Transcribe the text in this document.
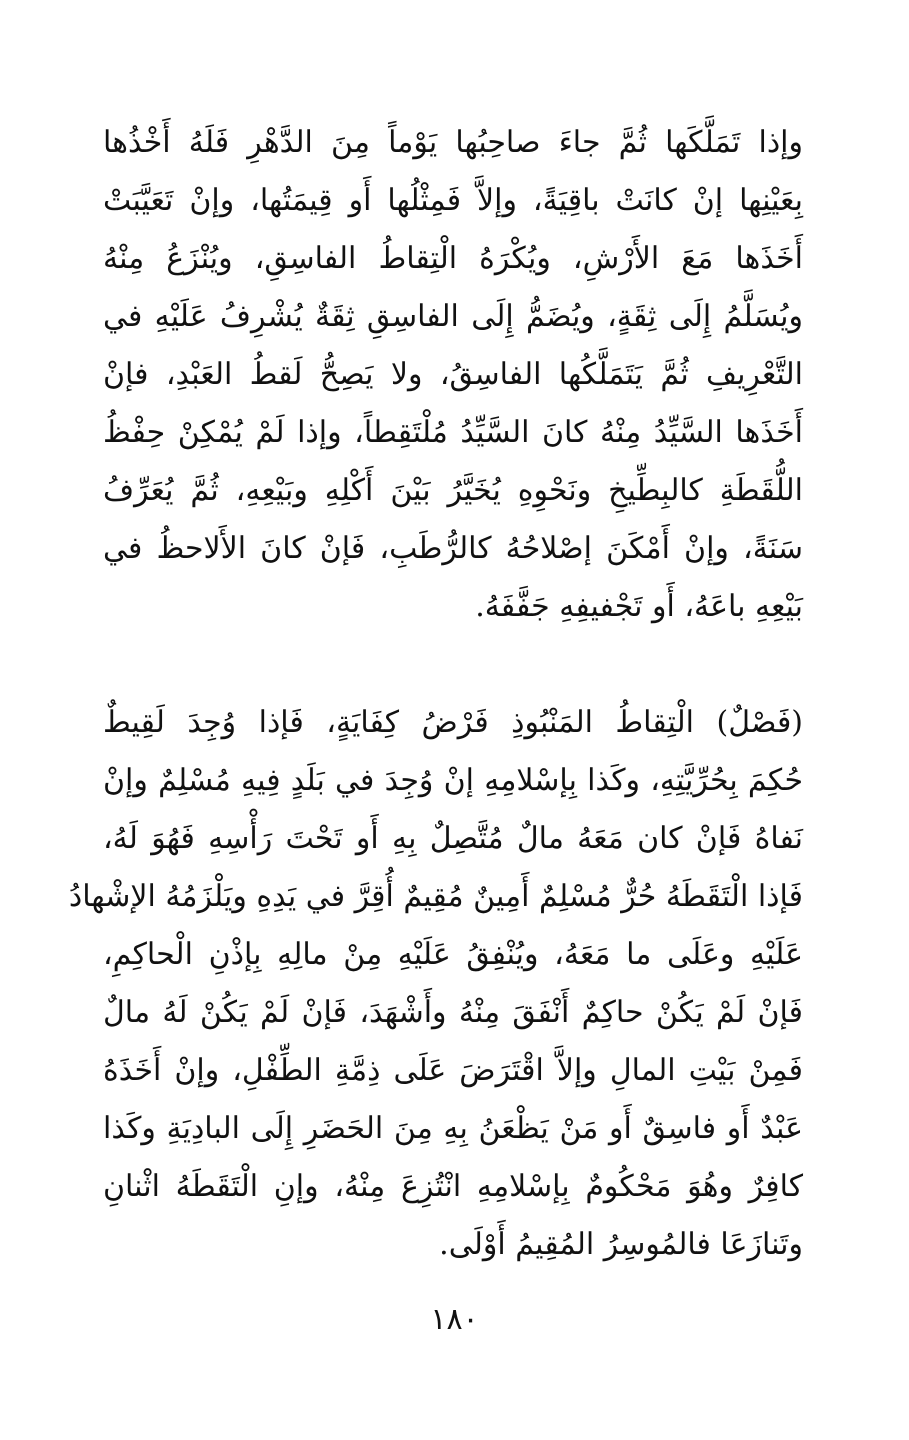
وإذا تَمَلَّكَها ثُمَّ جاءَ صاحِبُها يَوْماً مِنَ الدَّهْرِ فَلَهُ أَخْذُها
بِعَيْنِها إنْ كانَتْ باقِيَةً، وإلاَّ فَمِثْلُها أَو قِيمَتُها، وإنْ تَعَيَّبَتْ
أَخَذَها مَعَ الأَرْشِ، ويُكْرَهُ الْتِقاطُ الفاسِقِ، ويُنْزَعُ مِنْهُ
ويُسَلَّمُ إِلَى ثِقَةٍ، ويُضَمُّ إِلَى الفاسِقِ ثِقَةٌ يُشْرِفُ عَلَيْهِ في
التَّعْرِيفِ ثُمَّ يَتَمَلَّكُها الفاسِقُ، ولا يَصِحُّ لَقطُ العَبْدِ، فإنْ
أَخَذَها السَّيِّدُ مِنْهُ كانَ السَّيِّدُ مُلْتَقِطاً، وإذا لَمْ يُمْكِنْ حِفْظُ
اللُّقَطَةِ كالبِطِّيخِ ونَحْوِهِ يُخَيَّرُ بَيْنَ أَكْلِهِ وبَيْعِهِ، ثُمَّ يُعَرِّفُ
سَنَةً، وإنْ أَمْكَنَ إصْلاحُهُ كالرُّطَبِ، فَإنْ كانَ الأَلاحظُ في
بَيْعِهِ باعَهُ، أَو تَجْفيفِهِ جَفَّفَهُ.
(فَصْلٌ) الْتِقاطُ المَنْبُوذِ فَرْضُ كِفَايَةٍ، فَإذا وُجِدَ لَقِيطٌ
حُكِمَ بِحُرِّيَّتِهِ، وكَذا بِإسْلامِهِ إنْ وُجِدَ في بَلَدٍ فِيهِ مُسْلِمٌ وإنْ
نَفاهُ فَإنْ كان مَعَهُ مالٌ مُتَّصِلٌ بِهِ أَو تَحْتَ رَأْسِهِ فَهُوَ لَهُ،
فَإذا الْتَقَطَهُ حُرٌّ مُسْلِمٌ أَمِينٌ مُقِيمٌ أُقِرَّ في يَدِهِ ويَلْزَمُهُ الإشْهادُ
عَلَيْهِ وعَلَى ما مَعَهُ، ويُنْفِقُ عَلَيْهِ مِنْ مالِهِ بِإذْنِ الْحاكِمِ،
فَإنْ لَمْ يَكُنْ حاكِمٌ أَنْفَقَ مِنْهُ وأَشْهَدَ، فَإنْ لَمْ يَكُنْ لَهُ مالٌ
فَمِنْ بَيْتِ المالِ وإلاَّ اقْتَرَضَ عَلَى ذِمَّةِ الطِّفْلِ، وإنْ أَخَذَهُ
عَبْدٌ أَو فاسِقٌ أَو مَنْ يَظْعَنُ بِهِ مِنَ الحَضَرِ إِلَى البادِيَةِ وكَذا
كافِرٌ وهُوَ مَحْكُومٌ بِإسْلامِهِ انْتُزِعَ مِنْهُ، وإنِ الْتَقَطَهُ اثْنانِ
وتَنازَعَا فالمُوسِرُ المُقِيمُ أَوْلَى.
١٨٠
